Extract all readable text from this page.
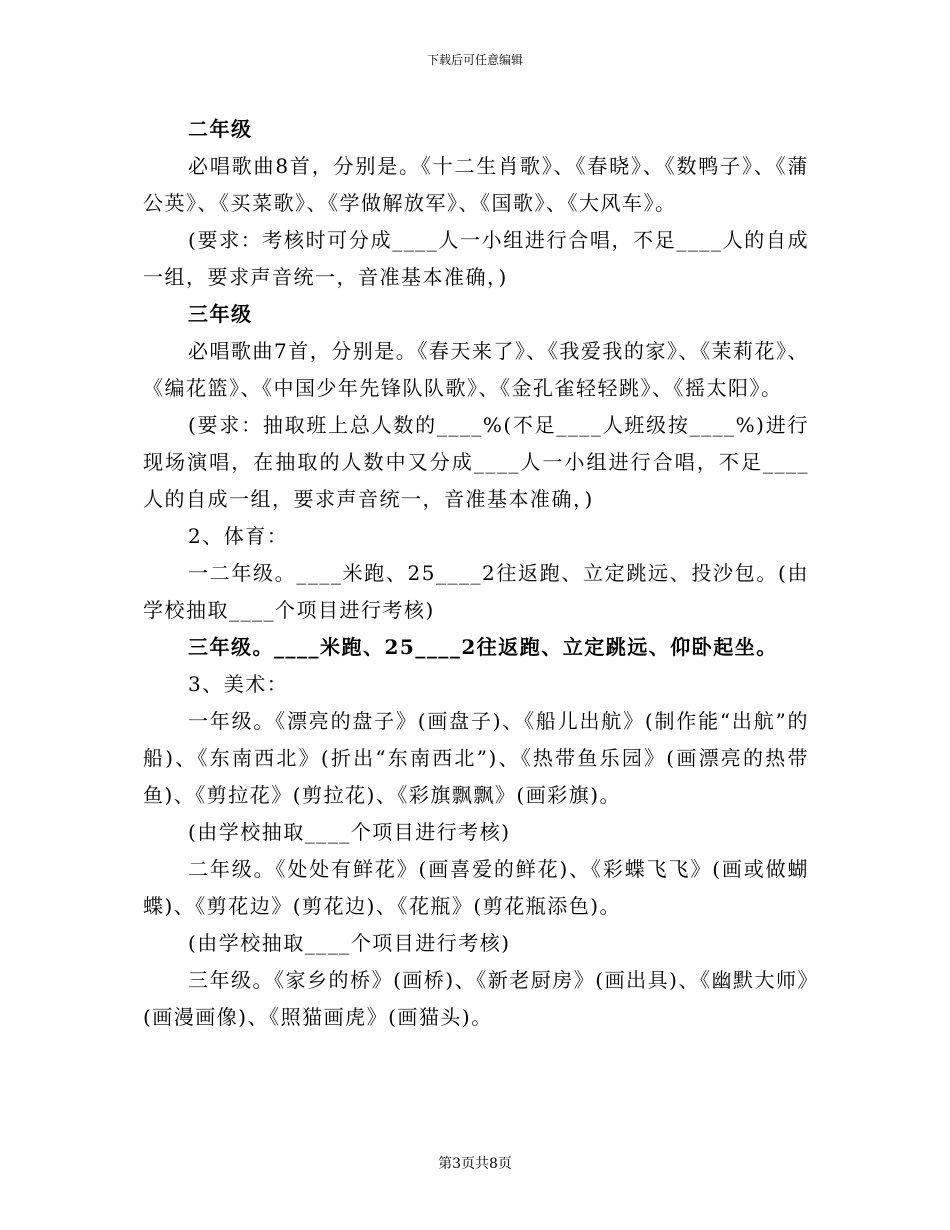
下载后可任意编辑

二年级

必唱歌曲8首，分别是。《十二生肖歌》、《春晓》、《数鸭子》、《蒲公英》、《买菜歌》、《学做解放军》、《国歌》、《大风车》。

(要求：考核时可分成____人一小组进行合唱，不足____人的自成一组，要求声音统一，音准基本准确，)

三年级

必唱歌曲7首，分别是。《春天来了》、《我爱我的家》、《茉莉花》、《编花篮》、《中国少年先锋队队歌》、《金孔雀轻轻跳》、《摇太阳》。

(要求：抽取班上总人数的____%(不足____人班级按____%)进行现场演唱，在抽取的人数中又分成____人一小组进行合唱，不足____人的自成一组，要求声音统一，音准基本准确，)

2、体育：

一二年级。____米跑、25____2往返跑、立定跳远、投沙包。(由学校抽取____个项目进行考核)

三年级。____米跑、25____2往返跑、立定跳远、仰卧起坐。

3、美术：

一年级。《漂亮的盘子》(画盘子)、《船儿出航》(制作能“出航”的船)、《东南西北》(折出“东南西北”)、《热带鱼乐园》(画漂亮的热带鱼)、《剪拉花》(剪拉花)、《彩旗飘飘》(画彩旗)。

(由学校抽取____个项目进行考核)

二年级。《处处有鲜花》(画喜爱的鲜花)、《彩蝶飞飞》(画或做蝴蝶)、《剪花边》(剪花边)、《花瓶》(剪花瓶添色)。

(由学校抽取____个项目进行考核)

三年级。《家乡的桥》(画桥)、《新老厨房》(画出具)、《幽默大师》(画漫画像)、《照猫画虎》(画猫头)。

第3页共8页
